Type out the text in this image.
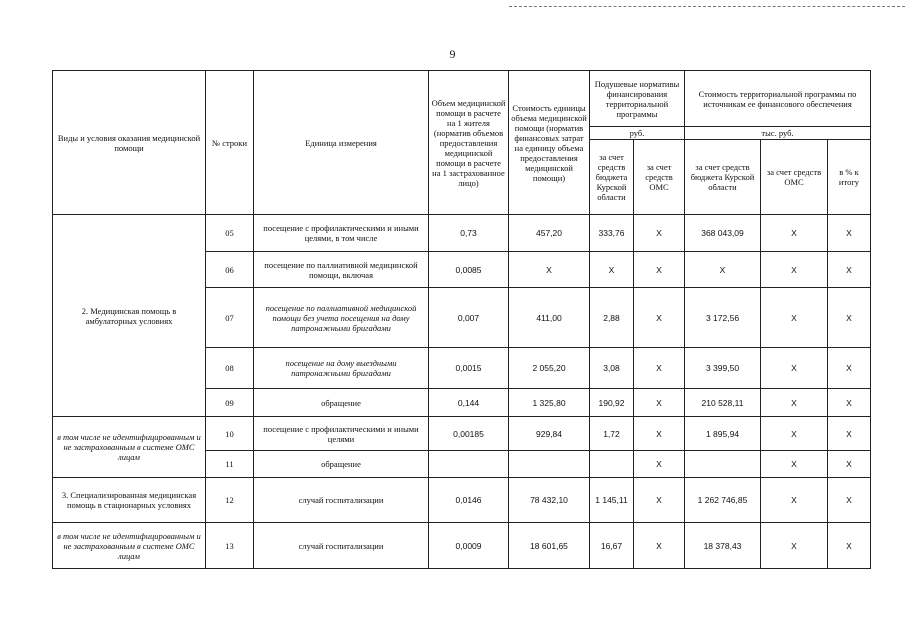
9
Виды и условия оказания медицинской помощи	№ строки	Единица измерения	Объем медицинской помощи в расчете на 1 жителя (норматив объемов предоставления медицинской помощи в расчете на 1 застрахованное лицо)	Стоимость единицы объема медицинской помощи (норматив финансовых затрат на единицу объема предоставления медицинской помощи)	Подушевые нормативы финансирования территориальной программы		Стоимость территориальной программы по источникам ее финансового обеспечения		
					руб.		тыс. руб.		
					за счет средств бюджета Курской области	за счет средств ОМС	за счет средств бюджета Курской области	за счет средств ОМС	в % к итогу
2. Медицинская помощь в амбулаторных условиях	05	посещение с профилактическими и иными целями, в том числе	0,73	457,20	333,76	Х	368 043,09	Х	Х
	06	посещение по паллиативной медицинской помощи, включая	0,0085	Х	Х	Х	Х	Х	Х
	07	посещение по паллиативной медицинской помощи без учета посещения на дому патронажными бригадами	0,007	411,00	2,88	Х	3 172,56	Х	Х
	08	посещение на дому выездными патронажными бригадами	0,0015	2 055,20	3,08	Х	3 399,50	Х	Х
	09	обращение	0,144	1 325,80	190,92	Х	210 528,11	Х	Х
в том числе не идентифицированным и не застрахованным в системе ОМС лицам	10	посещение с профилактическими и иными целями	0,00185	929,84	1,72	Х	1 895,94	Х	Х
	11	обращение				Х		Х	Х
3. Специализированная медицинская помощь в стационарных условиях	12	случай госпитализации	0,0146	78 432,10	1 145,11	Х	1 262 746,85	Х	Х
в том числе не идентифицированным и не застрахованным в системе ОМС лицам	13	случай госпитализации	0,0009	18 601,65	16,67	Х	18 378,43	Х	Х
